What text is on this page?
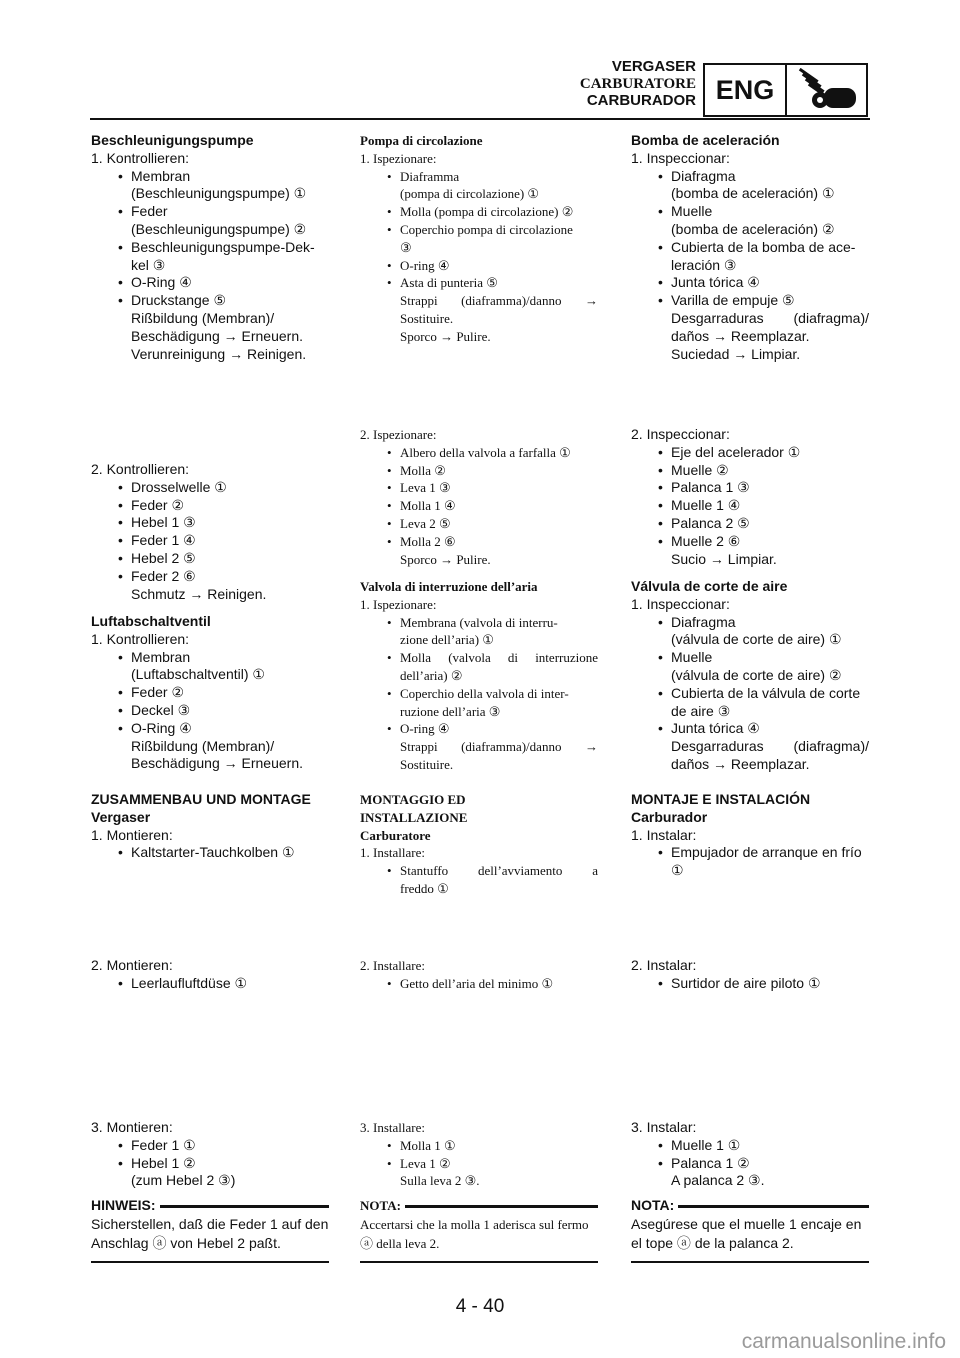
VERGASER
CARBURATORE
CARBURADOR ENG
Beschleunigungspumpe
1. Kontrollieren:
• Membran
(Beschleunigungspumpe) ①
• Feder
(Beschleunigungspumpe) ②
• Beschleunigungspumpe-Dek-
kel ③
• O-Ring ④
• Druckstange ⑤
Rißbildung (Membran)/
Beschädigung → Erneuern.
Verunreinigung → Reinigen.
2. Kontrollieren:
• Drosselwelle ①
• Feder ②
• Hebel 1 ③
• Feder 1 ④
• Hebel 2 ⑤
• Feder 2 ⑥
Schmutz → Reinigen.
Luftabschaltventil
1. Kontrollieren:
• Membran
(Luftabschaltventil) ①
• Feder ②
• Deckel ③
• O-Ring ④
Rißbildung (Membran)/
Beschädigung → Erneuern.
ZUSAMMENBAU UND MONTAGE
Vergaser
1. Montieren:
• Kaltstarter-Tauchkolben ①
2. Montieren:
• Leerlaufluftdüse ①
3. Montieren:
• Feder 1 ①
• Hebel 1 ②
(zum Hebel 2 ③)
HINWEIS:
Sicherstellen, daß die Feder 1 auf den Anschlag ⓐ von Hebel 2 paßt.
Pompa di circolazione
1. Ispezionare:
• Diaframma
(pompa di circolazione) ①
• Molla (pompa di circolazione) ②
• Coperchio pompa di circolazione
③
• O-ring ④
• Asta di punteria ⑤
Strappi (diaframma)/danno →
Sostituire.
Sporco → Pulire.
2. Ispezionare:
• Albero della valvola a farfalla ①
• Molla ②
• Leva 1 ③
• Molla 1 ④
• Leva 2 ⑤
• Molla 2 ⑥
Sporco → Pulire.
Valvola di interruzione dell’aria
1. Ispezionare:
• Membrana (valvola di interru-
zione dell’aria) ①
• Molla (valvola di interruzione
dell’aria) ②
• Coperchio della valvola di inter-
ruzione dell’aria ③
• O-ring ④
Strappi (diaframma)/danno →
Sostituire.
MONTAGGIO ED
INSTALLAZIONE
Carburatore
1. Installare:
• Stantuffo dell’avviamento a
freddo ①
2. Installare:
• Getto dell’aria del minimo ①
3. Installare:
• Molla 1 ①
• Leva 1 ②
Sulla leva 2 ③.
NOTA:
Accertarsi che la molla 1 aderisca sul fermo ⓐ della leva 2.
Bomba de aceleración
1. Inspeccionar:
• Diafragma
(bomba de aceleración) ①
• Muelle
(bomba de aceleración) ②
• Cubierta de la bomba de ace-
leración ③
• Junta tórica ④
• Varilla de empuje ⑤
Desgarraduras (diafragma)/
daños → Reemplazar.
Suciedad → Limpiar.
2. Inspeccionar:
• Eje del acelerador ①
• Muelle ②
• Palanca 1 ③
• Muelle 1 ④
• Palanca 2 ⑤
• Muelle 2 ⑥
Sucio → Limpiar.
Válvula de corte de aire
1. Inspeccionar:
• Diafragma
(válvula de corte de aire) ①
• Muelle
(válvula de corte de aire) ②
• Cubierta de la válvula de corte
de aire ③
• Junta tórica ④
Desgarraduras (diafragma)/
daños → Reemplazar.
MONTAJE E INSTALACIÓN
Carburador
1. Instalar:
• Empujador de arranque en frío
①
2. Instalar:
• Surtidor de aire piloto ①
3. Instalar:
• Muelle 1 ①
• Palanca 1 ②
A palanca 2 ③.
NOTA:
Asegúrese que el muelle 1 encaje en el tope ⓐ de la palanca 2.
4 - 40
carmanualsonline.info
